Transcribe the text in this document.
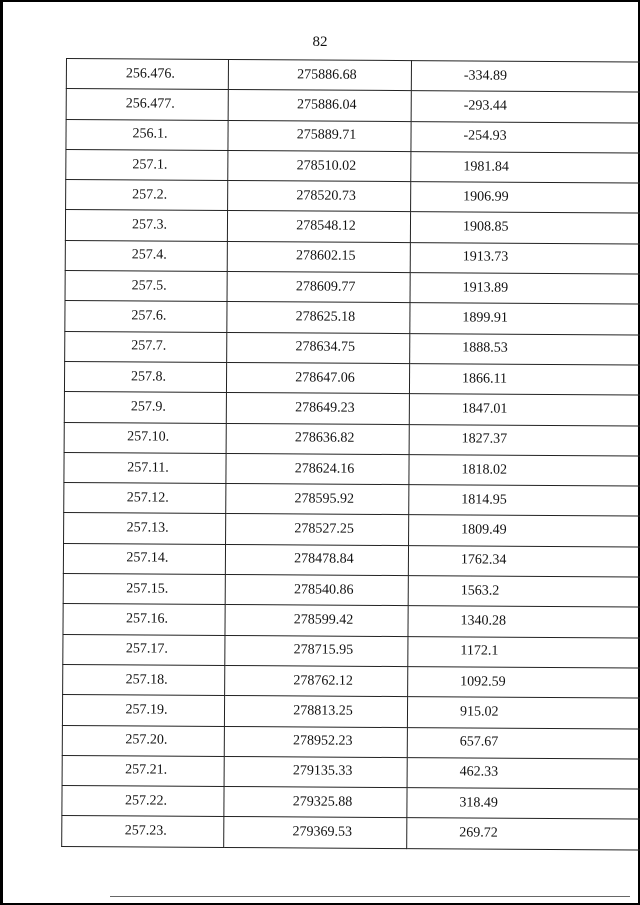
82
256.476.	275886.68	-334.89
256.477.	275886.04	-293.44
256.1.	275889.71	-254.93
257.1.	278510.02	1981.84
257.2.	278520.73	1906.99
257.3.	278548.12	1908.85
257.4.	278602.15	1913.73
257.5.	278609.77	1913.89
257.6.	278625.18	1899.91
257.7.	278634.75	1888.53
257.8.	278647.06	1866.11
257.9.	278649.23	1847.01
257.10.	278636.82	1827.37
257.11.	278624.16	1818.02
257.12.	278595.92	1814.95
257.13.	278527.25	1809.49
257.14.	278478.84	1762.34
257.15.	278540.86	1563.2
257.16.	278599.42	1340.28
257.17.	278715.95	1172.1
257.18.	278762.12	1092.59
257.19.	278813.25	915.02
257.20.	278952.23	657.67
257.21.	279135.33	462.33
257.22.	279325.88	318.49
257.23.	279369.53	269.72
